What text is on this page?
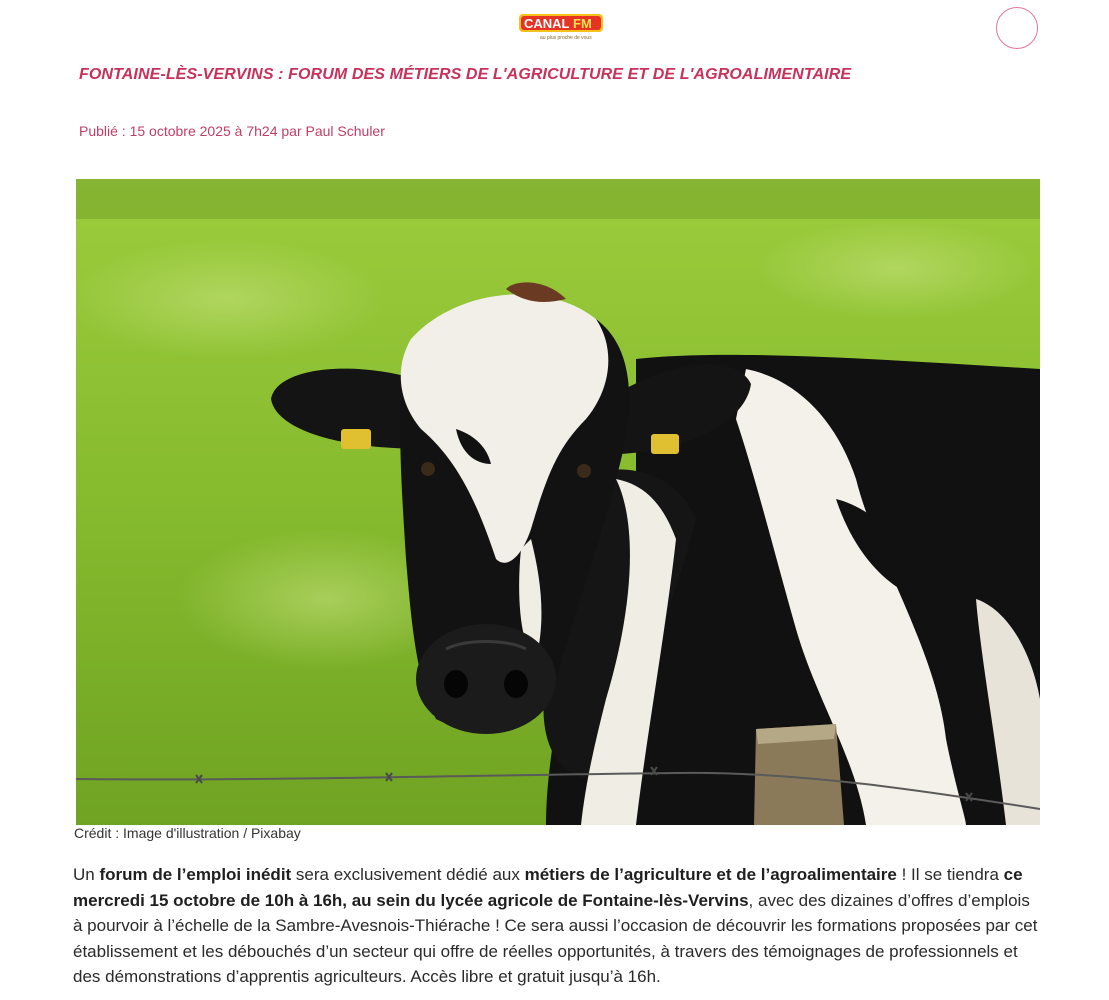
CANAL FM
au plus proche de vous
FONTAINE-LÈS-VERVINS : FORUM DES MÉTIERS DE L'AGRICULTURE ET DE L'AGROALIMENTAIRE
Publié : 15 octobre 2025 à 7h24 par Paul Schuler
Crédit : Image d'illustration / Pixabay

Un forum de l’emploi inédit sera exclusivement dédié aux métiers de l’agriculture et de l’agroalimentaire ! Il se tiendra ce mercredi 15 octobre de 10h à 16h, au sein du lycée agricole de Fontaine-lès-Vervins, avec des dizaines d’offres d’emplois à pourvoir à l’échelle de la Sambre-Avesnois-Thiérache ! Ce sera aussi l’occasion de découvrir les formations proposées par cet établissement et les débouchés d’un secteur qui offre de réelles opportunités, à travers des témoignages de professionnels et des démonstrations d’apprentis agriculteurs. Accès libre et gratuit jusqu’à 16h.
